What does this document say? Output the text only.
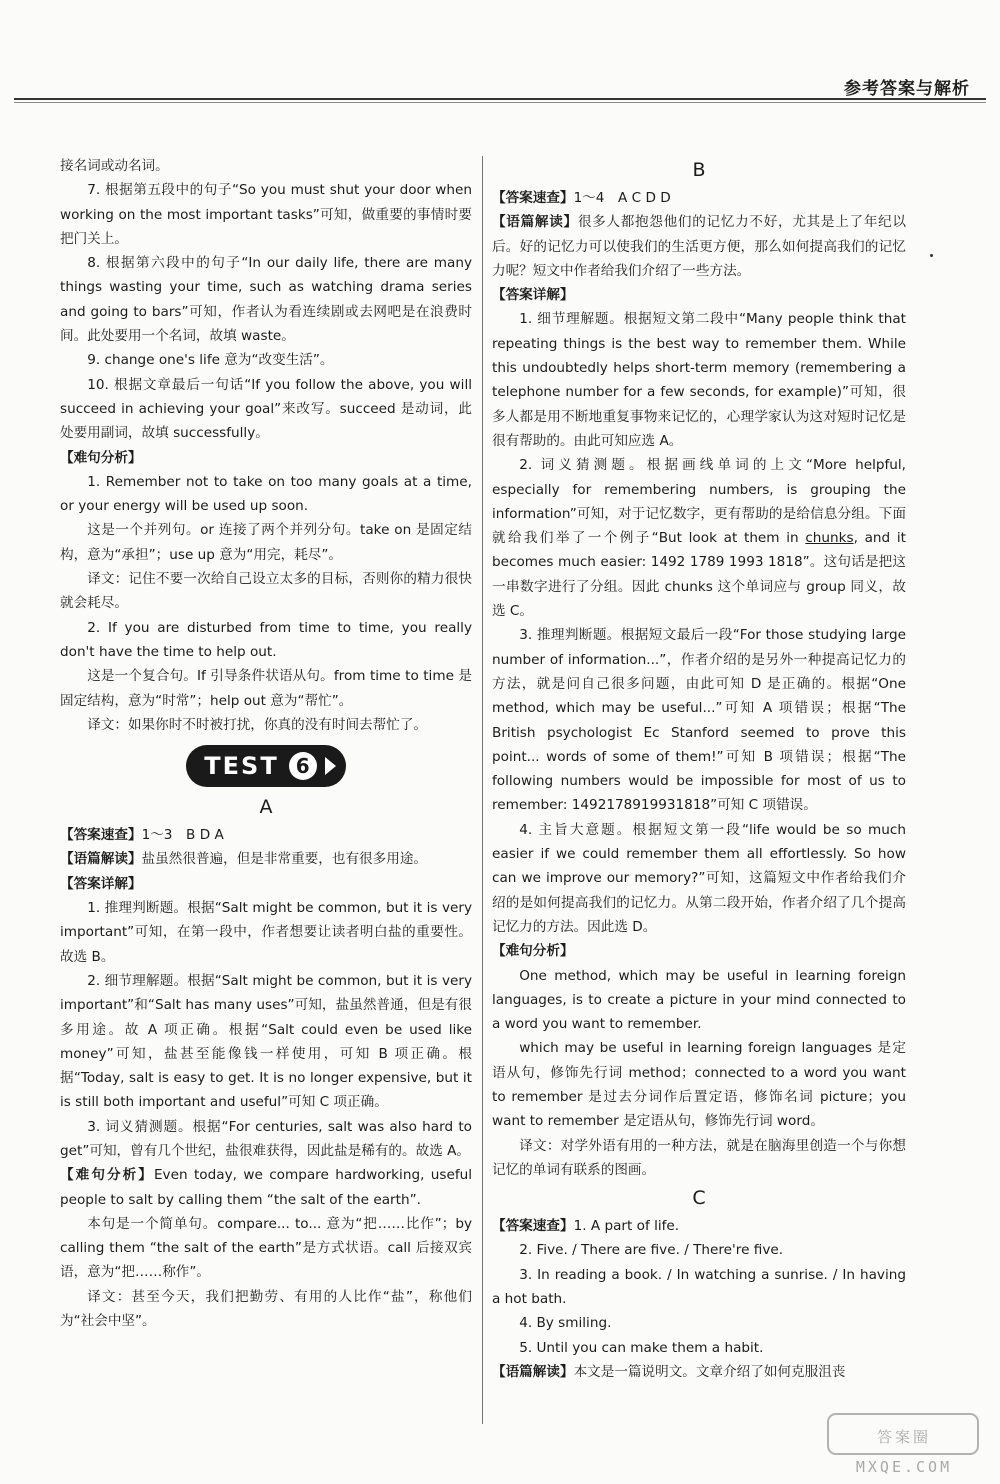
参考答案与解析

接名词或动名词。

7. 根据第五段中的句子“So you must shut your door when working on the most important tasks”可知，做重要的事情时要把门关上。

8. 根据第六段中的句子“In our daily life, there are many things wasting your time, such as watching drama series and going to bars”可知，作者认为看连续剧或去网吧是在浪费时间。此处要用一个名词，故填 waste。

9. change one's life 意为“改变生活”。

10. 根据文章最后一句话“If you follow the above, you will succeed in achieving your goal”来改写。succeed 是动词，此处要用副词，故填 successfully。

【难句分析】

1. Remember not to take on too many goals at a time, or your energy will be used up soon.

这是一个并列句。or 连接了两个并列分句。take on 是固定结构，意为“承担”；use up 意为“用完，耗尽”。

译文：记住不要一次给自己设立太多的目标，否则你的精力很快就会耗尽。

2. If you are disturbed from time to time, you really don't have the time to help out.

这是一个复合句。If 引导条件状语从句。from time to time 是固定结构，意为“时常”；help out 意为“帮忙”。

译文：如果你时不时被打扰，你真的没有时间去帮忙了。

TEST 6
A

【答案速查】1～3　B D A

【语篇解读】盐虽然很普遍，但是非常重要，也有很多用途。

【答案详解】

1. 推理判断题。根据“Salt might be common, but it is very important”可知，在第一段中，作者想要让读者明白盐的重要性。故选 B。

2. 细节理解题。根据“Salt might be common, but it is very important”和“Salt has many uses”可知，盐虽然普通，但是有很多用途。故 A 项正确。根据“Salt could even be used like money”可知，盐甚至能像钱一样使用，可知 B 项正确。根据“Today, salt is easy to get. It is no longer expensive, but it is still both important and useful”可知 C 项正确。

3. 词义猜测题。根据“For centuries, salt was also hard to get”可知，曾有几个世纪，盐很难获得，因此盐是稀有的。故选 A。

【难句分析】Even today, we compare hardworking, useful people to salt by calling them “the salt of the earth”.

本句是一个简单句。compare... to... 意为“把……比作”；by calling them “the salt of the earth”是方式状语。call 后接双宾语，意为“把……称作”。

译文：甚至今天，我们把勤劳、有用的人比作“盐”，称他们为“社会中坚”。

B

【答案速查】1～4　A C D D

【语篇解读】很多人都抱怨他们的记忆力不好，尤其是上了年纪以后。好的记忆力可以使我们的生活更方便，那么如何提高我们的记忆力呢？短文中作者给我们介绍了一些方法。

【答案详解】

1. 细节理解题。根据短文第二段中“Many people think that repeating things is the best way to remember them. While this undoubtedly helps short-term memory (remembering a telephone number for a few seconds, for example)”可知，很多人都是用不断地重复事物来记忆的，心理学家认为这对短时记忆是很有帮助的。由此可知应选 A。

2. 词义猜测题。根据画线单词的上文“More helpful, especially for remembering numbers, is grouping the information”可知，对于记忆数字，更有帮助的是给信息分组。下面就给我们举了一个例子“But look at them in chunks, and it becomes much easier: 1492 1789 1993 1818”。这句话是把这一串数字进行了分组。因此 chunks 这个单词应与 group 同义，故选 C。

3. 推理判断题。根据短文最后一段“For those studying large number of information...”，作者介绍的是另外一种提高记忆力的方法，就是问自己很多问题，由此可知 D 是正确的。根据“One method, which may be useful...”可知 A 项错误；根据“The British psychologist Ec Stanford seemed to prove this point... words of some of them!”可知 B 项错误；根据“The following numbers would be impossible for most of us to remember: 14921789199318​18”可知 C 项错误。

4. 主旨大意题。根据短文第一段“life would be so much easier if we could remember them all effortlessly. So how can we improve our memory?”可知，这篇短文中作者给我们介绍的是如何提高我们的记忆力。从第二段开始，作者介绍了几个提高记忆力的方法。因此选 D。

【难句分析】

One method, which may be useful in learning foreign languages, is to create a picture in your mind connected to a word you want to remember.

which may be useful in learning foreign languages 是定语从句，修饰先行词 method；connected to a word you want to remember 是过去分词作后置定语，修饰名词 picture；you want to remember 是定语从句，修饰先行词 word。

译文：对学外语有用的一种方法，就是在脑海里创造一个与你想记忆的单词有联系的图画。

C

【答案速查】1. A part of life.

2. Five. / There are five. / There're five.

3. In reading a book. / In watching a sunrise. / In having a hot bath.

4. By smiling.

5. Until you can make them a habit.

【语篇解读】本文是一篇说明文。文章介绍了如何克服沮丧

答案圈
MXQE.COM
